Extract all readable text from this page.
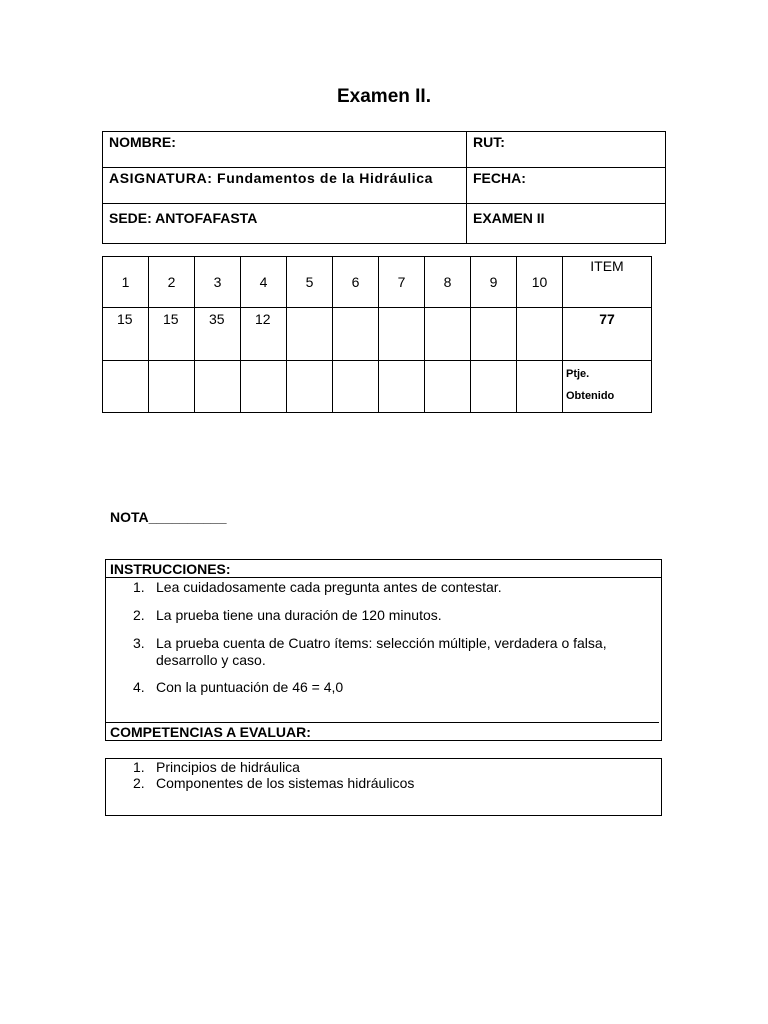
Examen II.
NOMBRE:	RUT:
ASIGNATURA: Fundamentos de la Hidráulica	FECHA:
SEDE: ANTOFAFASTA	EXAMEN II
1	2	3	4	5	6	7	8	9	10	ITEM
15	15	35	12							77

										Ptje.
Obtenido
NOTA__________
INSTRUCCIONES:
1. Lea cuidadosamente cada pregunta antes de contestar.
2. La prueba tiene una duración de 120 minutos.
3. La prueba cuenta de Cuatro ítems: selección múltiple, verdadera o falsa, desarrollo y caso.
4. Con la puntuación de 46 = 4,0
COMPETENCIAS A EVALUAR:
1. Principios de hidráulica
2. Componentes de los sistemas hidráulicos
